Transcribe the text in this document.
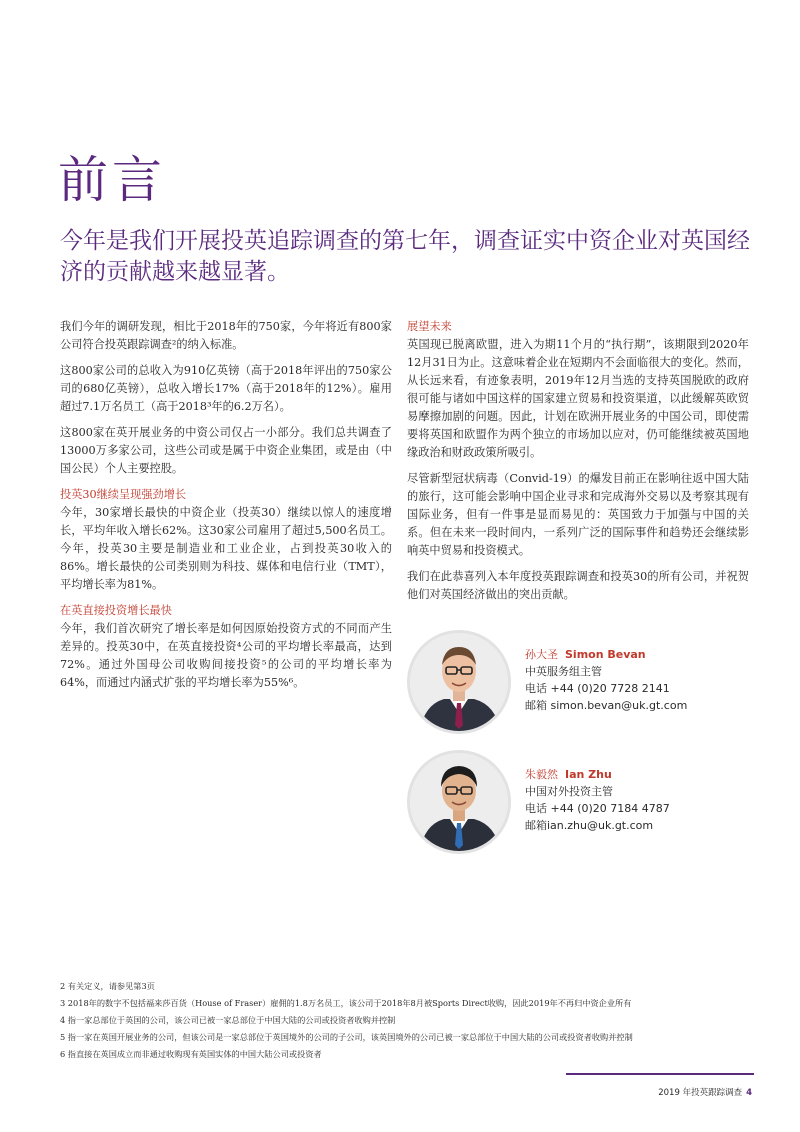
前言
今年是我们开展投英追踪调查的第七年，调查证实中资企业对英国经济的贡献越来越显著。

我们今年的调研发现，相比于2018年的750家，今年将近有800家公司符合投英跟踪调查²的纳入标准。

这800家公司的总收入为910亿英镑（高于2018年评出的750家公司的680亿英镑），总收入增长17%（高于2018年的12%）。雇用超过7.1万名员工（高于2018³年的6.2万名）。

这800家在英开展业务的中资公司仅占一小部分。我们总共调查了13000万多家公司，这些公司或是属于中资企业集团，或是由（中国公民）个人主要控股。

投英30继续呈现强劲增长

今年，30家增长最快的中资企业（投英30）继续以惊人的速度增长，平均年收入增长62%。这30家公司雇用了超过5,500名员工。今年，投英30主要是制造业和工业企业，占到投英30收入的86%。增长最快的公司类别则为科技、媒体和电信行业（TMT），平均增长率为81%。

在英直接投资增长最快

今年，我们首次研究了增长率是如何因原始投资方式的不同而产生差异的。投英30中，在英直接投资⁴公司的平均增长率最高，达到72%。通过外国母公司收购间接投资⁵的公司的平均增长率为64%，而通过内涵式扩张的平均增长率为55%⁶。

展望未来

英国现已脱离欧盟，进入为期11个月的“执行期”，该期限到2020年12月31日为止。这意味着企业在短期内不会面临很大的变化。然而，从长远来看，有迹象表明，2019年12月当选的支持英国脱欧的政府很可能与诸如中国这样的国家建立贸易和投资渠道，以此缓解英欧贸易摩擦加剧的问题。因此，计划在欧洲开展业务的中国公司，即使需要将英国和欧盟作为两个独立的市场加以应对，仍可能继续被英国地缘政治和财政政策所吸引。

尽管新型冠状病毒（Convid-19）的爆发目前正在影响往返中国大陆的旅行，这可能会影响中国企业寻求和完成海外交易以及考察其现有国际业务，但有一件事是显而易见的：英国致力于加强与中国的关系。但在未来一段时间内，一系列广泛的国际事件和趋势还会继续影响英中贸易和投资模式。

我们在此恭喜列入本年度投英跟踪调查和投英30的所有公司，并祝贺他们对英国经济做出的突出贡献。

孙大圣 Simon Bevan
中英服务组主管
电话 +44 (0)20 7728 2141
邮箱 simon.bevan@uk.gt.com
朱毅然 Ian Zhu
中国对外投资主管
电话 +44 (0)20 7184 4787
邮箱ian.zhu@uk.gt.com
2 有关定义，请参见第3页
3 2018年的数字不包括福来莎百货（House of Fraser）雇佣的1.8万名员工，该公司于2018年8月被Sports Direct收购，因此2019年不再归中资企业所有
4 指一家总部位于英国的公司，该公司已被一家总部位于中国大陆的公司或投资者收购并控制
5 指一家在英国开展业务的公司，但该公司是一家总部位于英国境外的公司的子公司，该英国境外的公司已被一家总部位于中国大陆的公司或投资者收购并控制
6 指直接在英国成立而非通过收购现有英国实体的中国大陆公司或投资者
2019 年投英跟踪调查 4
